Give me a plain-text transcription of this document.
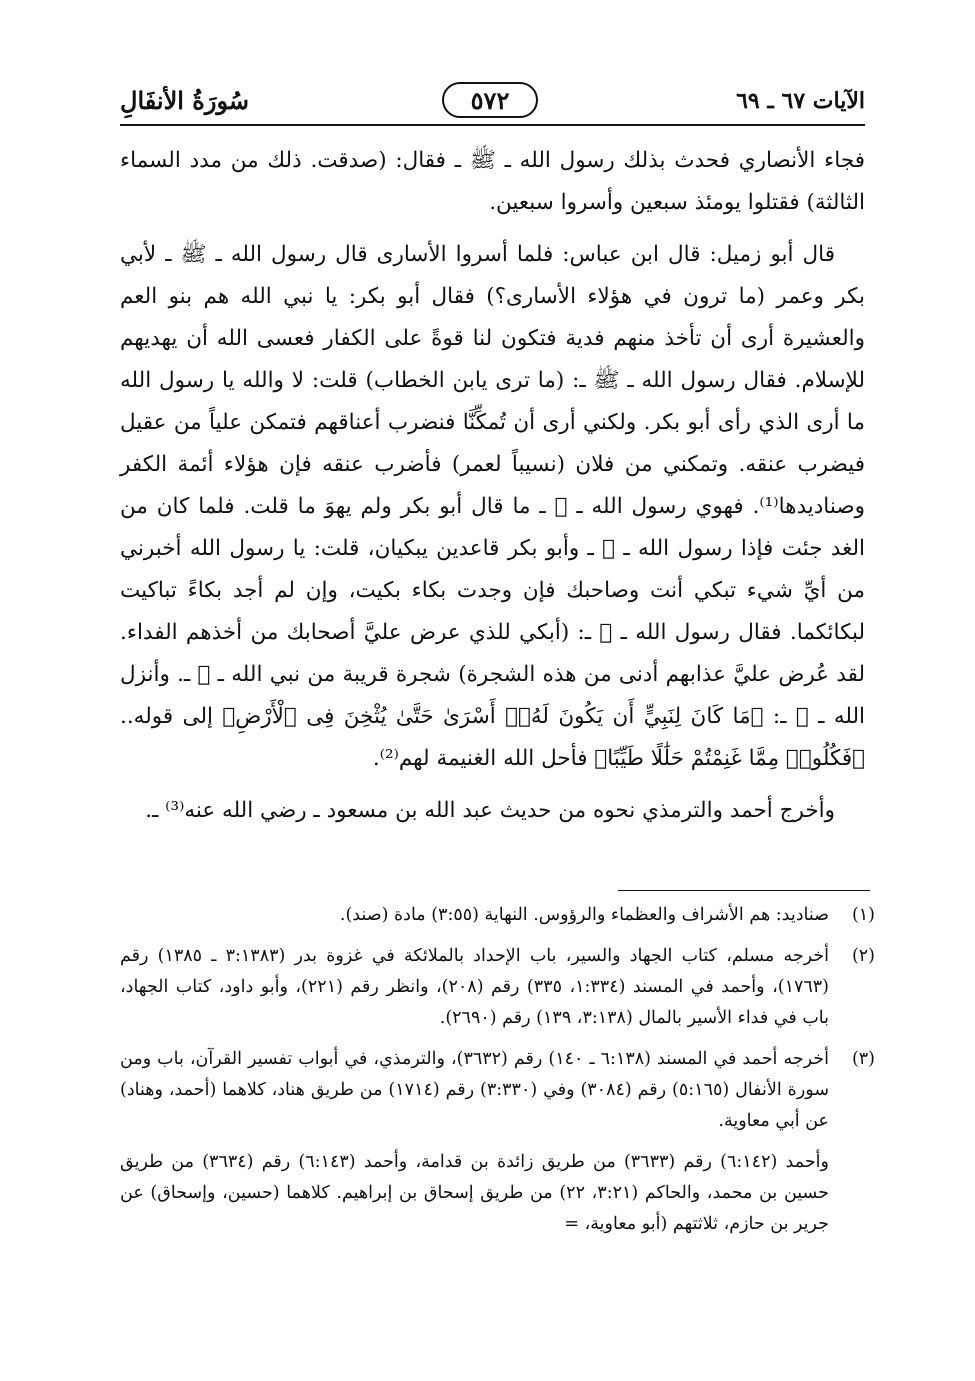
الآيات ٦٧ ـ ٦٩
٥٧٢
سُورَةُ الأنفَالِ

فجاء الأنصاري فحدث بذلك رسول الله ـ ﷺ ـ فقال: (صدقت. ذلك من مدد السماء الثالثة) فقتلوا يومئذ سبعين وأسروا سبعين.

قال أبو زميل: قال ابن عباس: فلما أسروا الأسارى قال رسول الله ـ ﷺ ـ لأبي بكر وعمر (ما ترون في هؤلاء الأسارى؟) فقال أبو بكر: يا نبي الله هم بنو العم والعشيرة أرى أن تأخذ منهم فدية فتكون لنا قوةً على الكفار فعسى الله أن يهديهم للإسلام. فقال رسول الله ـ ﷺ ـ: (ما ترى يابن الخطاب) قلت: لا والله يا رسول الله ما أرى الذي رأى أبو بكر. ولكني أرى أن تُمكِّنَّا فنضرب أعناقهم فتمكن علياً من عقيل فيضرب عنقه. وتمكني من فلان (نسيباً لعمر) فأضرب عنقه فإن هؤلاء أئمة الكفر وصناديدها⁽¹⁾. فهوي رسول الله ـ ﷺ ـ ما قال أبو بكر ولم يهوَ ما قلت. فلما كان من الغد جئت فإذا رسول الله ـ ﷺ ـ وأبو بكر قاعدين يبكيان، قلت: يا رسول الله أخبرني من أيِّ شيء تبكي أنت وصاحبك فإن وجدت بكاء بكيت، وإن لم أجد بكاءً تباكيت لبكائكما. فقال رسول الله ـ ﷺ ـ: (أبكي للذي عرض عليَّ أصحابك من أخذهم الفداء. لقد عُرض عليَّ عذابهم أدنى من هذه الشجرة) شجرة قريبة من نبي الله ـ ﷺ ـ. وأنزل الله ـ ﷻ ـ: ﴿مَا كَانَ لِنَبِيٍّ أَن يَكُونَ لَهُۥٓ أَسْرَىٰ حَتَّىٰ يُثْخِنَ فِى ٱلْأَرْضِ﴾ إلى قوله.. ﴿فَكُلُوا۟ مِمَّا غَنِمْتُمْ حَلَٰلًا طَيِّبًا﴾ فأحل الله الغنيمة لهم⁽²⁾.

وأخرج أحمد والترمذي نحوه من حديث عبد الله بن مسعود ـ رضي الله عنه⁽³⁾ ـ.

(١)
صناديد: هم الأشراف والعظماء والرؤوس. النهاية (٣:٥٥) مادة (صند).
(٢)
أخرجه مسلم، كتاب الجهاد والسير، باب الإحداد بالملائكة في غزوة بدر (٣:١٣٨٣ ـ ١٣٨٥) رقم (١٧٦٣)، وأحمد في المسند (١:٣٣٤، ٣٣٥) رقم (٢٠٨)، وانظر رقم (٢٢١)، وأبو داود، كتاب الجهاد، باب في فداء الأسير بالمال (٣:١٣٨، ١٣٩) رقم (٢٦٩٠).
(٣)
أخرجه أحمد في المسند (٦:١٣٨ ـ ١٤٠) رقم (٣٦٣٢)، والترمذي، في أبواب تفسير القرآن، باب ومن سورة الأنفال (٥:١٦٥) رقم (٣٠٨٤) وفي (٣:٣٣٠) رقم (١٧١٤) من طريق هناد، كلاهما (أحمد، وهناد) عن أبي معاوية.
وأحمد (٦:١٤٢) رقم (٣٦٣٣) من طريق زائدة بن قدامة، وأحمد (٦:١٤٣) رقم (٣٦٣٤) من طريق حسين بن محمد، والحاكم (٣:٢١، ٢٢) من طريق إسحاق بن إبراهيم. كلاهما (حسين، وإسحاق) عن جرير بن حازم، ثلاثتهم (أبو معاوية، =
